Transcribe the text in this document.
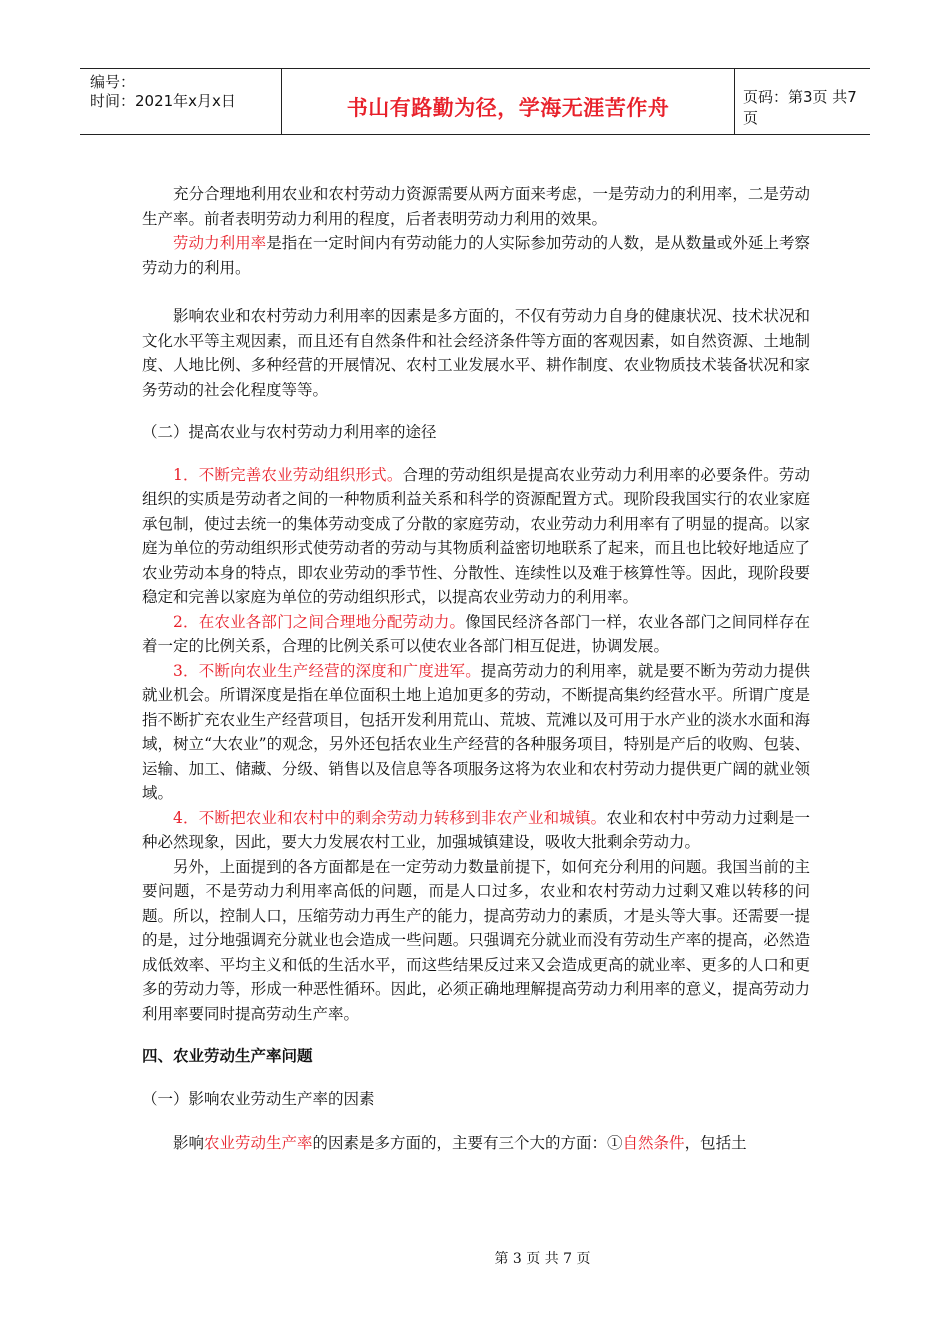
编号：
时间：2021年x月x日	书山有路勤为径，学海无涯苦作舟	页码：第3页 共7页

充分合理地利用农业和农村劳动力资源需要从两方面来考虑，一是劳动力的利用率，二是劳动生产率。前者表明劳动力利用的程度，后者表明劳动力利用的效果。

劳动力利用率是指在一定时间内有劳动能力的人实际参加劳动的人数，是从数量或外延上考察劳动力的利用。

影响农业和农村劳动力利用率的因素是多方面的，不仅有劳动力自身的健康状况、技术状况和文化水平等主观因素，而且还有自然条件和社会经济条件等方面的客观因素，如自然资源、土地制度、人地比例、多种经营的开展情况、农村工业发展水平、耕作制度、农业物质技术装备状况和家务劳动的社会化程度等等。

（二）提高农业与农村劳动力利用率的途径

1．不断完善农业劳动组织形式。合理的劳动组织是提高农业劳动力利用率的必要条件。劳动组织的实质是劳动者之间的一种物质利益关系和科学的资源配置方式。现阶段我国实行的农业家庭承包制，使过去统一的集体劳动变成了分散的家庭劳动，农业劳动力利用率有了明显的提高。以家庭为单位的劳动组织形式使劳动者的劳动与其物质利益密切地联系了起来，而且也比较好地适应了农业劳动本身的特点，即农业劳动的季节性、分散性、连续性以及难于核算性等。因此，现阶段要稳定和完善以家庭为单位的劳动组织形式，以提高农业劳动力的利用率。

2．在农业各部门之间合理地分配劳动力。像国民经济各部门一样，农业各部门之间同样存在着一定的比例关系，合理的比例关系可以使农业各部门相互促进，协调发展。

3．不断向农业生产经营的深度和广度进军。提高劳动力的利用率，就是要不断为劳动力提供就业机会。所谓深度是指在单位面积土地上追加更多的劳动，不断提高集约经营水平。所谓广度是指不断扩充农业生产经营项目，包括开发利用荒山、荒坡、荒滩以及可用于水产业的淡水水面和海域，树立“大农业”的观念，另外还包括农业生产经营的各种服务项目，特别是产后的收购、包装、运输、加工、储藏、分级、销售以及信息等各项服务这将为农业和农村劳动力提供更广阔的就业领域。

4．不断把农业和农村中的剩余劳动力转移到非农产业和城镇。农业和农村中劳动力过剩是一种必然现象，因此，要大力发展农村工业，加强城镇建设，吸收大批剩余劳动力。

另外，上面提到的各方面都是在一定劳动力数量前提下，如何充分利用的问题。我国当前的主要问题，不是劳动力利用率高低的问题，而是人口过多，农业和农村劳动力过剩又难以转移的问题。所以，控制人口，压缩劳动力再生产的能力，提高劳动力的素质，才是头等大事。还需要一提的是，过分地强调充分就业也会造成一些问题。只强调充分就业而没有劳动生产率的提高，必然造成低效率、平均主义和低的生活水平，而这些结果反过来又会造成更高的就业率、更多的人口和更多的劳动力等，形成一种恶性循环。因此，必须正确地理解提高劳动力利用率的意义，提高劳动力利用率要同时提高劳动生产率。

四、农业劳动生产率问题

（一）影响农业劳动生产率的因素

影响农业劳动生产率的因素是多方面的，主要有三个大的方面：①自然条件，包括土

第 3 页 共 7 页
